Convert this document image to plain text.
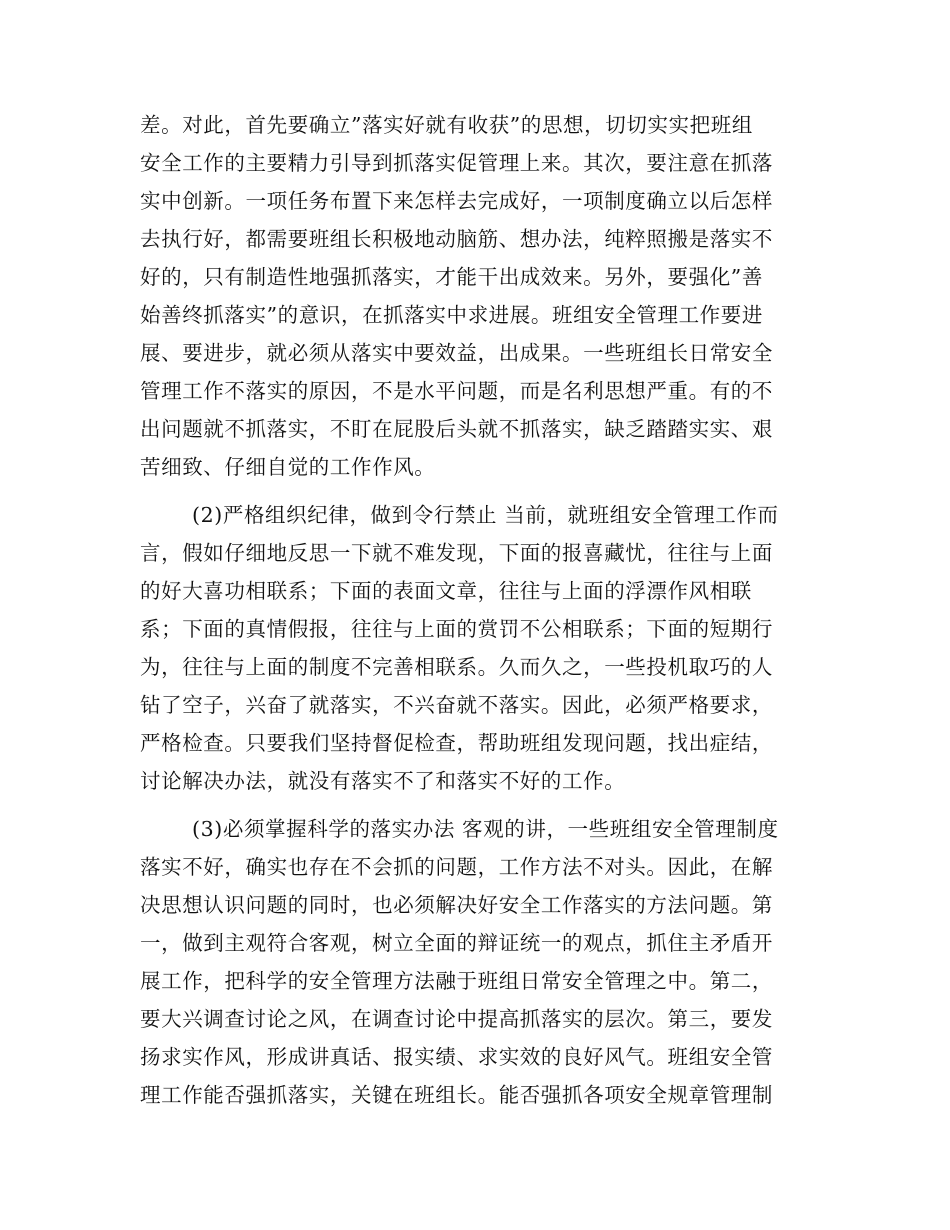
差。对此，首先要确立”落实好就有收获”的思想，切切实实把班组
安全工作的主要精力引导到抓落实促管理上来。其次，要注意在抓落
实中创新。一项任务布置下来怎样去完成好，一项制度确立以后怎样
去执行好，都需要班组长积极地动脑筋、想办法，纯粹照搬是落实不
好的，只有制造性地强抓落实，才能干出成效来。另外，要强化”善
始善终抓落实”的意识，在抓落实中求进展。班组安全管理工作要进
展、要进步，就必须从落实中要效益，出成果。一些班组长日常安全
管理工作不落实的原因，不是水平问题，而是名利思想严重。有的不
出问题就不抓落实，不盯在屁股后头就不抓落实，缺乏踏踏实实、艰
苦细致、仔细自觉的工作作风。
(2)严格组织纪律，做到令行禁止 当前，就班组安全管理工作而
言，假如仔细地反思一下就不难发现，下面的报喜藏忧，往往与上面
的好大喜功相联系；下面的表面文章，往往与上面的浮漂作风相联
系；下面的真情假报，往往与上面的赏罚不公相联系；下面的短期行
为，往往与上面的制度不完善相联系。久而久之，一些投机取巧的人
钻了空子，兴奋了就落实，不兴奋就不落实。因此，必须严格要求，
严格检查。只要我们坚持督促检查，帮助班组发现问题，找出症结，
讨论解决办法，就没有落实不了和落实不好的工作。
(3)必须掌握科学的落实办法 客观的讲，一些班组安全管理制度
落实不好，确实也存在不会抓的问题，工作方法不对头。因此，在解
决思想认识问题的同时，也必须解决好安全工作落实的方法问题。第
一，做到主观符合客观，树立全面的辩证统一的观点，抓住主矛盾开
展工作，把科学的安全管理方法融于班组日常安全管理之中。第二，
要大兴调查讨论之风，在调查讨论中提高抓落实的层次。第三，要发
扬求实作风，形成讲真话、报实绩、求实效的良好风气。班组安全管
理工作能否强抓落实，关键在班组长。能否强抓各项安全规章管理制
